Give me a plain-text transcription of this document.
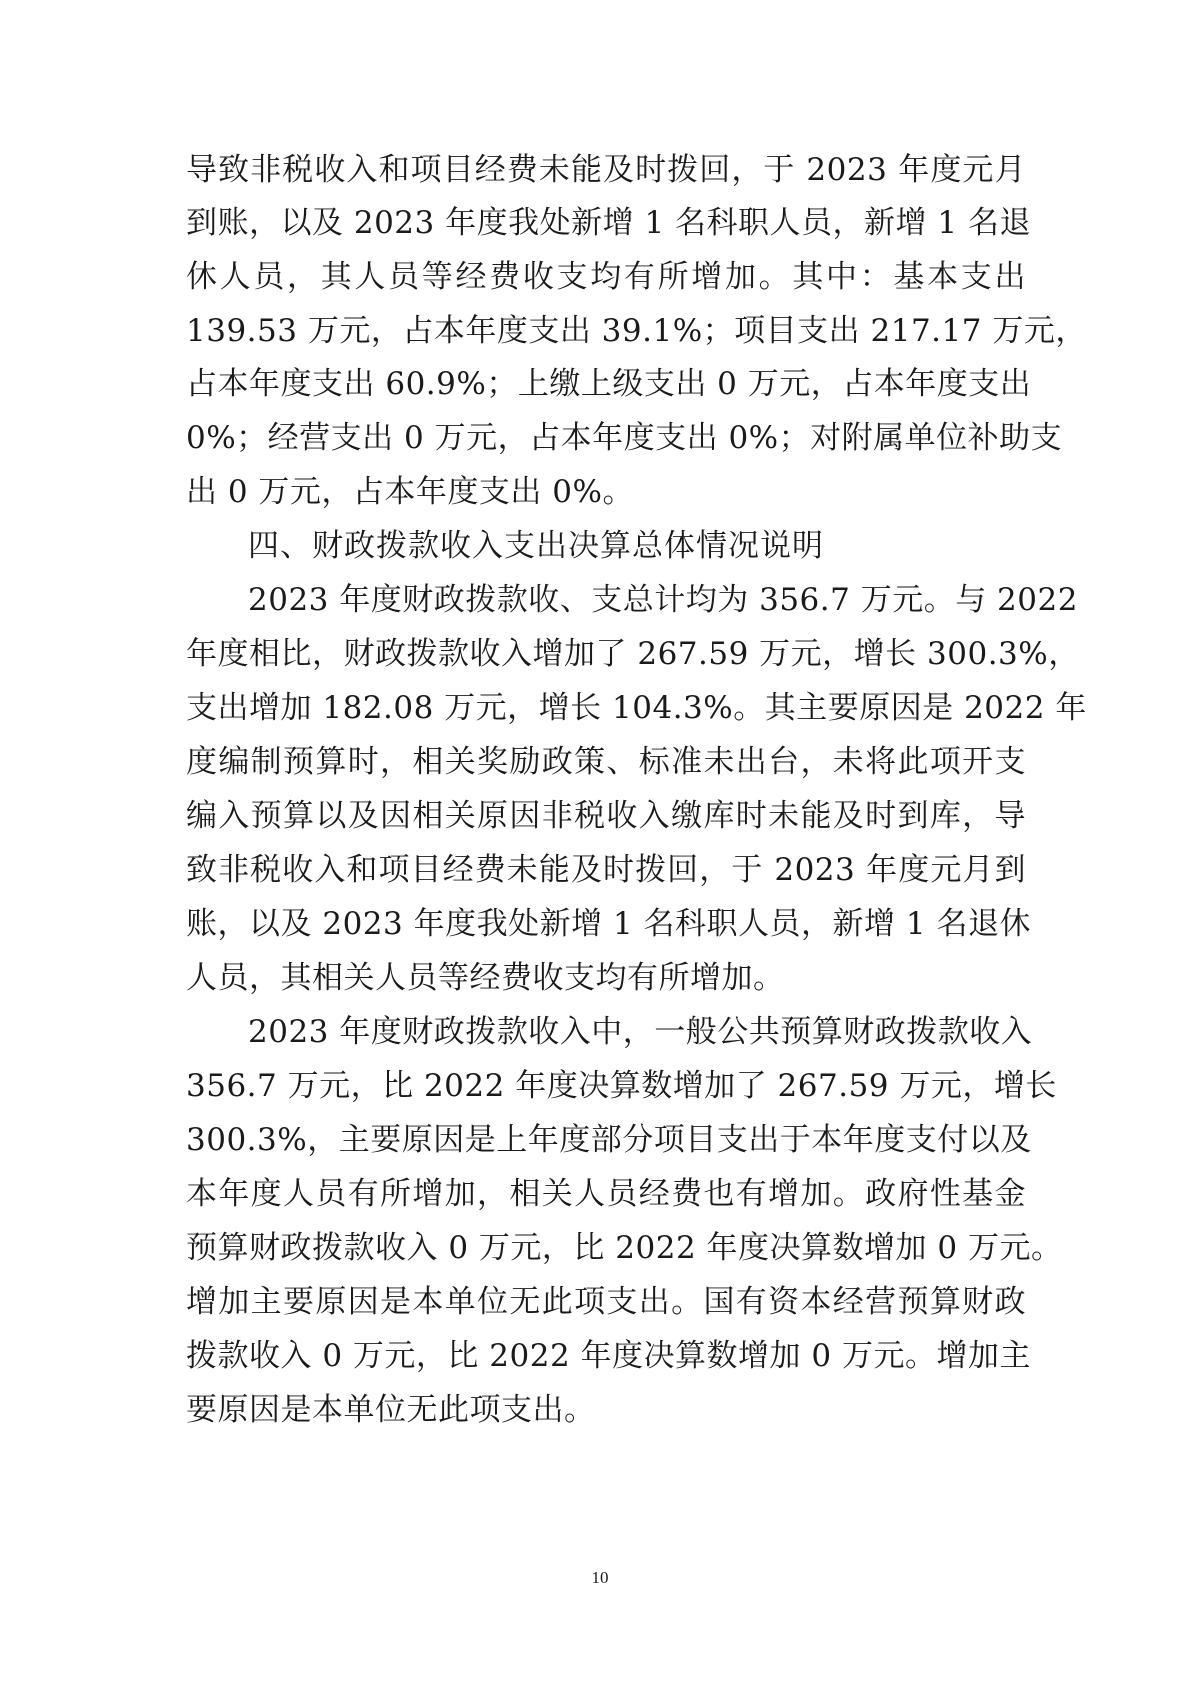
导致非税收入和项目经费未能及时拨回，于 2023 年度元月
到账，以及 2023 年度我处新增 1 名科职人员，新增 1 名退
休人员，其人员等经费收支均有所增加。其中：基本支出
139.53 万元，占本年度支出 39.1%；项目支出 217.17 万元，
占本年度支出 60.9%；上缴上级支出 0 万元，占本年度支出
0%；经营支出 0 万元，占本年度支出 0%；对附属单位补助支
出 0 万元，占本年度支出 0%。
四、财政拨款收入支出决算总体情况说明
2023 年度财政拨款收、支总计均为 356.7 万元。与 2022
年度相比，财政拨款收入增加了 267.59 万元，增长 300.3%，
支出增加 182.08 万元，增长 104.3%。其主要原因是 2022 年
度编制预算时，相关奖励政策、标准未出台，未将此项开支
编入预算以及因相关原因非税收入缴库时未能及时到库，导
致非税收入和项目经费未能及时拨回，于 2023 年度元月到
账，以及 2023 年度我处新增 1 名科职人员，新增 1 名退休
人员，其相关人员等经费收支均有所增加。
2023 年度财政拨款收入中，一般公共预算财政拨款收入
356.7 万元，比 2022 年度决算数增加了 267.59 万元，增长
300.3%，主要原因是上年度部分项目支出于本年度支付以及
本年度人员有所增加，相关人员经费也有增加。政府性基金
预算财政拨款收入 0 万元，比 2022 年度决算数增加 0 万元。
增加主要原因是本单位无此项支出。国有资本经营预算财政
拨款收入 0 万元，比 2022 年度决算数增加 0 万元。增加主
要原因是本单位无此项支出。
10
